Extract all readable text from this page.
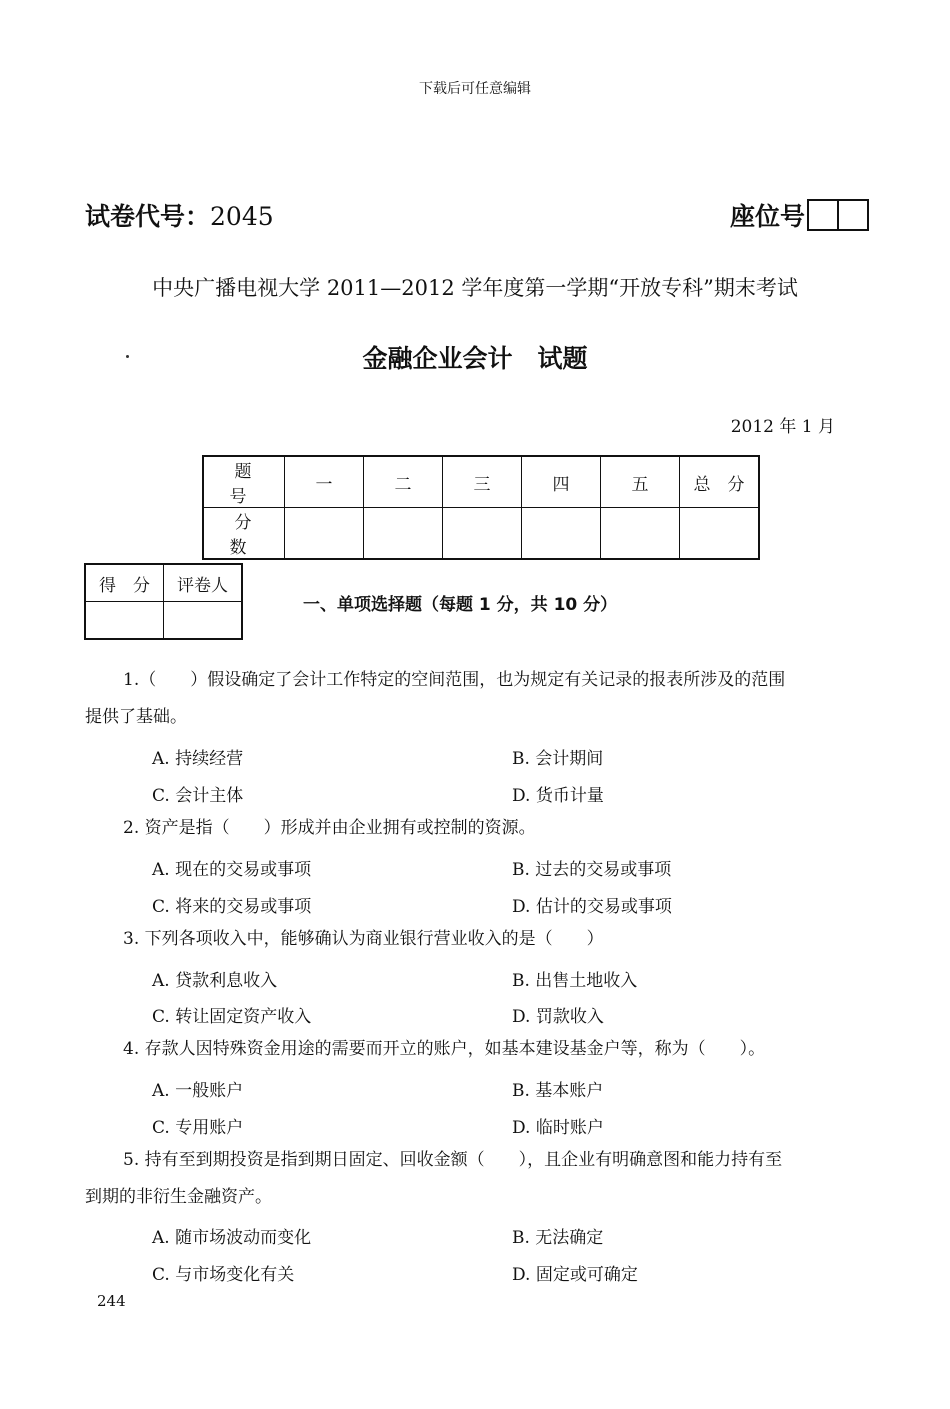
下载后可任意编辑
试卷代号：2045	座位号
中央广播电视大学 2011—2012 学年度第一学期“开放专科”期末考试
金融企业会计　试题
2012 年 1 月
题　号	一	二	三	四	五	总　分
分　数						
得　分	评卷人

一、单项选择题（每题 1 分，共 10 分）
1.（　　）假设确定了会计工作特定的空间范围，也为规定有关记录的报表所涉及的范围
提供了基础。
A. 持续经营	B. 会计期间
C. 会计主体	D. 货币计量
2. 资产是指（　　）形成并由企业拥有或控制的资源。
A. 现在的交易或事项	B. 过去的交易或事项
C. 将来的交易或事项	D. 估计的交易或事项
3. 下列各项收入中，能够确认为商业银行营业收入的是（　　）
A. 贷款利息收入	B. 出售土地收入
C. 转让固定资产收入	D. 罚款收入
4. 存款人因特殊资金用途的需要而开立的账户，如基本建设基金户等，称为（　　）。
A. 一般账户	B. 基本账户
C. 专用账户	D. 临时账户
5. 持有至到期投资是指到期日固定、回收金额（　　），且企业有明确意图和能力持有至
到期的非衍生金融资产。
A. 随市场波动而变化	B. 无法确定
C. 与市场变化有关	D. 固定或可确定
244
